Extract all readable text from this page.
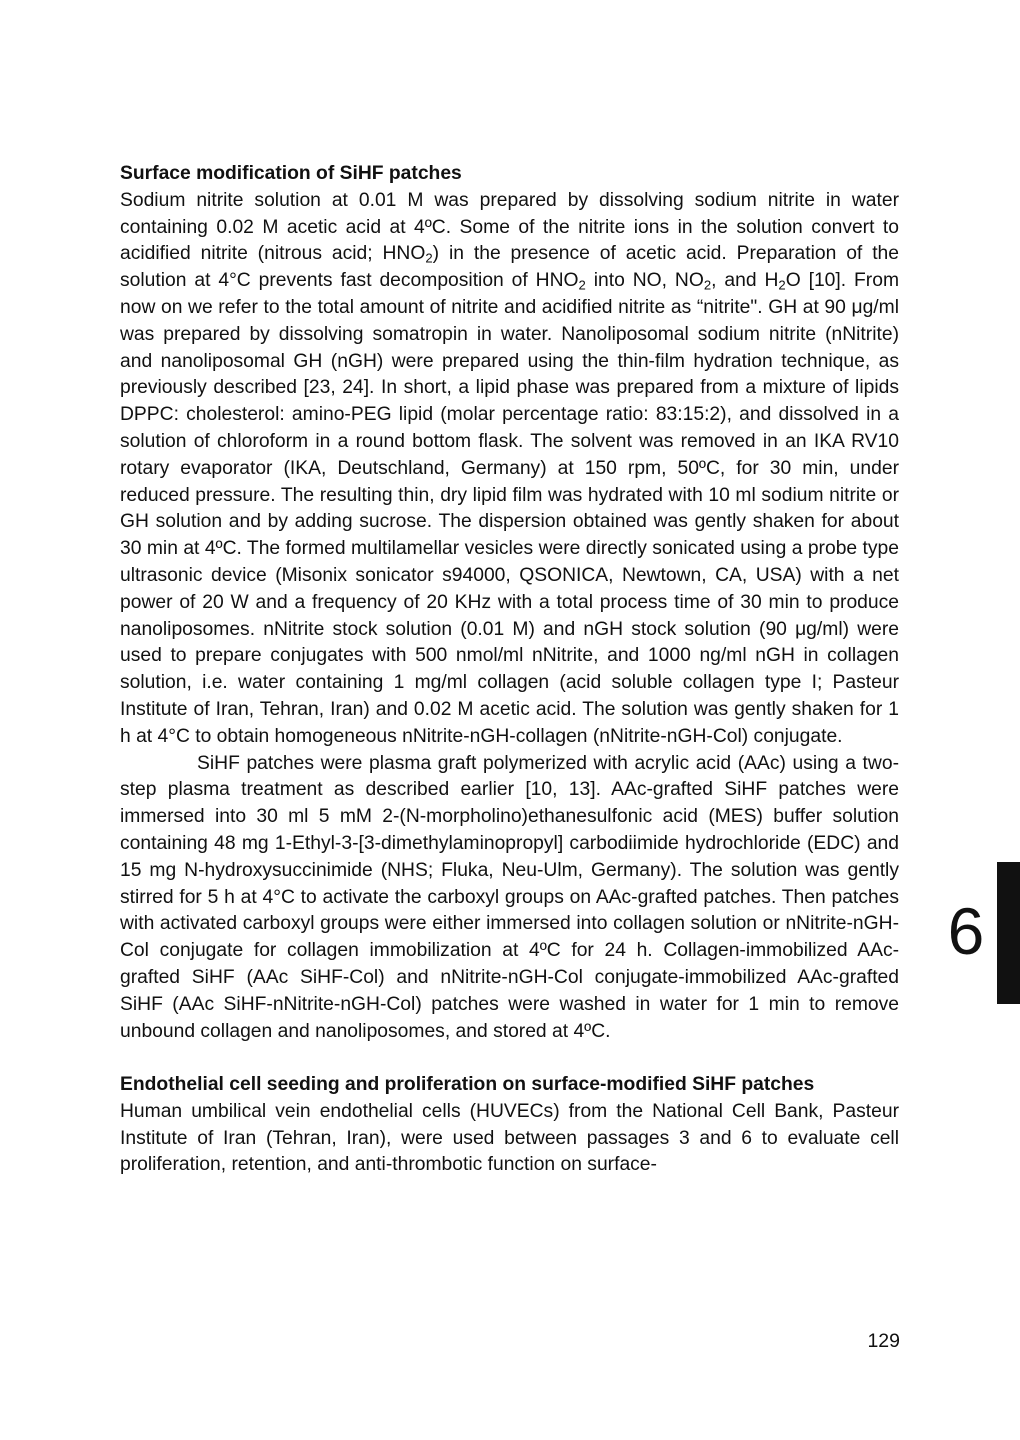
Surface modification of SiHF patches

Sodium nitrite solution at 0.01 M was prepared by dissolving sodium nitrite in water containing 0.02 M acetic acid at 4ºC. Some of the nitrite ions in the solution convert to acidified nitrite (nitrous acid; $HNO_2$) in the presence of acetic acid. Preparation of the solution at 4°C prevents fast decomposition of $HNO_2$ into NO, $NO_2$, and $H_2O$ [10]. From now on we refer to the total amount of nitrite and acidified nitrite as “nitrite". GH at 90 μg/ml was prepared by dissolving somatropin in water. Nanoliposomal sodium nitrite (nNitrite) and nanoliposomal GH (nGH) were prepared using the thin-film hydration technique, as previously described [23, 24]. In short, a lipid phase was prepared from a mixture of lipids DPPC: cholesterol: amino-PEG lipid (molar percentage ratio: 83:15:2), and dissolved in a solution of chloroform in a round bottom flask. The solvent was removed in an IKA RV10 rotary evaporator (IKA, Deutschland, Germany) at 150 rpm, 50ºC, for 30 min, under reduced pressure. The resulting thin, dry lipid film was hydrated with 10 ml sodium nitrite or GH solution and by adding sucrose. The dispersion obtained was gently shaken for about 30 min at 4ºC. The formed multilamellar vesicles were directly sonicated using a probe type ultrasonic device (Misonix sonicator s94000, QSONICA, Newtown, CA, USA) with a net power of 20 W and a frequency of 20 KHz with a total process time of 30 min to produce nanoliposomes. nNitrite stock solution (0.01 M) and nGH stock solution (90 μg/ml) were used to prepare conjugates with 500 nmol/ml nNitrite, and 1000 ng/ml nGH in collagen solution, i.e. water containing 1 mg/ml collagen (acid soluble collagen type I; Pasteur Institute of Iran, Tehran, Iran) and 0.02 M acetic acid. The solution was gently shaken for 1 h at 4°C to obtain homogeneous nNitrite-nGH-collagen (nNitrite-nGH-Col) conjugate.

SiHF patches were plasma graft polymerized with acrylic acid (AAc) using a two-step plasma treatment as described earlier [10, 13]. AAc-grafted SiHF patches were immersed into 30 ml 5 mM 2-(N-morpholino)ethanesulfonic acid (MES) buffer solution containing 48 mg 1-Ethyl-3-[3-dimethylaminopropyl] carbodiimide hydrochloride (EDC) and 15 mg N-hydroxysuccinimide (NHS; Fluka, Neu-Ulm, Germany). The solution was gently stirred for 5 h at 4°C to activate the carboxyl groups on AAc-grafted patches. Then patches with activated carboxyl groups were either immersed into collagen solution or nNitrite-nGH-Col conjugate for collagen immobilization at 4ºC for 24 h. Collagen-immobilized AAc-grafted SiHF (AAc SiHF-Col) and nNitrite-nGH-Col conjugate-immobilized AAc-grafted SiHF (AAc SiHF-nNitrite-nGH-Col) patches were washed in water for 1 min to remove unbound collagen and nanoliposomes, and stored at 4ºC.

Endothelial cell seeding and proliferation on surface-modified SiHF patches

Human umbilical vein endothelial cells (HUVECs) from the National Cell Bank, Pasteur Institute of Iran (Tehran, Iran), were used between passages 3 and 6 to evaluate cell proliferation, retention, and anti-thrombotic function on surface-

6
129
